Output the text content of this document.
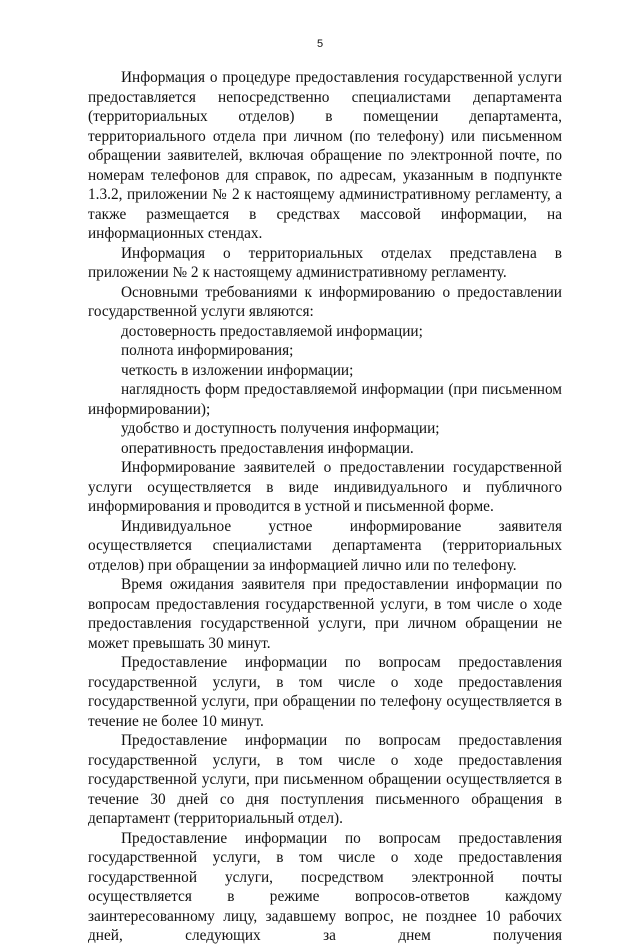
5

Информация о процедуре предоставления государственной услуги предоставляется непосредственно специалистами департамента (территориальных отделов) в помещении департамента, территориального отдела при личном (по телефону) или письменном обращении заявителей, включая обращение по электронной почте, по номерам телефонов для справок, по адресам, указанным в подпункте 1.3.2, приложении № 2 к настоящему административному регламенту, а также размещается в средствах массовой информации, на информационных стендах.

Информация о территориальных отделах представлена в приложении № 2 к настоящему административному регламенту.

Основными требованиями к информированию о предоставлении государственной услуги являются:

достоверность предоставляемой информации;

полнота информирования;

четкость в изложении информации;

наглядность форм предоставляемой информации (при письменном информировании);

удобство и доступность получения информации;

оперативность предоставления информации.

Информирование заявителей о предоставлении государственной услуги осуществляется в виде индивидуального и публичного информирования и проводится в устной и письменной форме.

Индивидуальное устное информирование заявителя осуществляется специалистами департамента (территориальных отделов) при обращении за информацией лично или по телефону.

Время ожидания заявителя при предоставлении информации по вопросам предоставления государственной услуги, в том числе о ходе предоставления государственной услуги, при личном обращении не может превышать 30 минут.

Предоставление информации по вопросам предоставления государственной услуги, в том числе о ходе предоставления государственной услуги, при обращении по телефону осуществляется в течение не более 10 минут.

Предоставление информации по вопросам предоставления государственной услуги, в том числе о ходе предоставления государственной услуги, при письменном обращении осуществляется в течение 30 дней со дня поступления письменного обращения в департамент (территориальный отдел).

Предоставление информации по вопросам предоставления государственной услуги, в том числе о ходе предоставления государственной услуги, посредством электронной почты осуществляется в режиме вопросов-ответов каждому заинтересованному лицу, задавшему вопрос, не позднее 10 рабочих дней, следующих за днем получения
